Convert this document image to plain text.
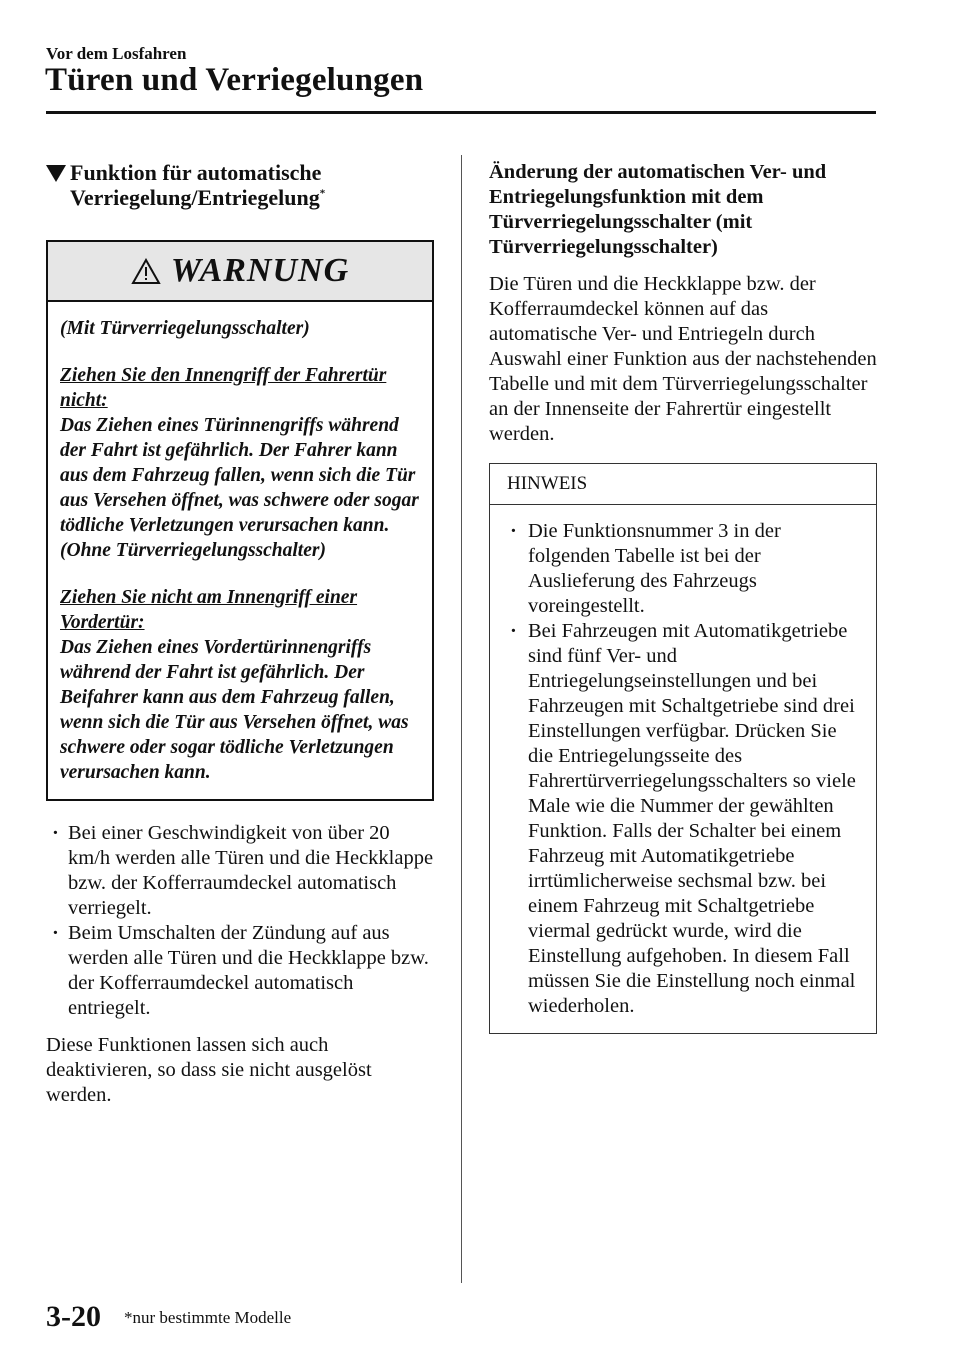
Vor dem Losfahren
Türen und Verriegelungen
Funktion für automatische
Verriegelung/Entriegelung*
WARNUNG

(Mit Türverriegelungsschalter)

Ziehen Sie den Innengriff der Fahrertür nicht:

Das Ziehen eines Türinnengriffs während der Fahrt ist gefährlich. Der Fahrer kann aus dem Fahrzeug fallen, wenn sich die Tür aus Versehen öffnet, was schwere oder sogar tödliche Verletzungen verursachen kann.

(Ohne Türverriegelungsschalter)

Ziehen Sie nicht am Innengriff einer Vordertür:

Das Ziehen eines Vordertürinnengriffs während der Fahrt ist gefährlich. Der Beifahrer kann aus dem Fahrzeug fallen, wenn sich die Tür aus Versehen öffnet, was schwere oder sogar tödliche Verletzungen verursachen kann.

· Bei einer Geschwindigkeit von über 20 km/h werden alle Türen und die Heckklappe bzw. der Kofferraumdeckel automatisch verriegelt.
· Beim Umschalten der Zündung auf aus werden alle Türen und die Heckklappe bzw. der Kofferraumdeckel automatisch entriegelt.

Diese Funktionen lassen sich auch deaktivieren, so dass sie nicht ausgelöst werden.

Änderung der automatischen Ver- und Entriegelungsfunktion mit dem Türverriegelungsschalter (mit Türverriegelungsschalter)

Die Türen und die Heckklappe bzw. der Kofferraumdeckel können auf das automatische Ver- und Entriegeln durch Auswahl einer Funktion aus der nachstehenden Tabelle und mit dem Türverriegelungsschalter an der Innenseite der Fahrertür eingestellt werden.

HINWEIS
· Die Funktionsnummer 3 in der folgenden Tabelle ist bei der Auslieferung des Fahrzeugs voreingestellt.
· Bei Fahrzeugen mit Automatikgetriebe sind fünf Ver- und Entriegelungseinstellungen und bei Fahrzeugen mit Schaltgetriebe sind drei Einstellungen verfügbar. Drücken Sie die Entriegelungsseite des Fahrertürverriegelungsschalters so viele Male wie die Nummer der gewählten Funktion. Falls der Schalter bei einem Fahrzeug mit Automatikgetriebe irrtümlicherweise sechsmal bzw. bei einem Fahrzeug mit Schaltgetriebe viermal gedrückt wurde, wird die Einstellung aufgehoben. In diesem Fall müssen Sie die Einstellung noch einmal wiederholen.
3-20 *nur bestimmte Modelle
